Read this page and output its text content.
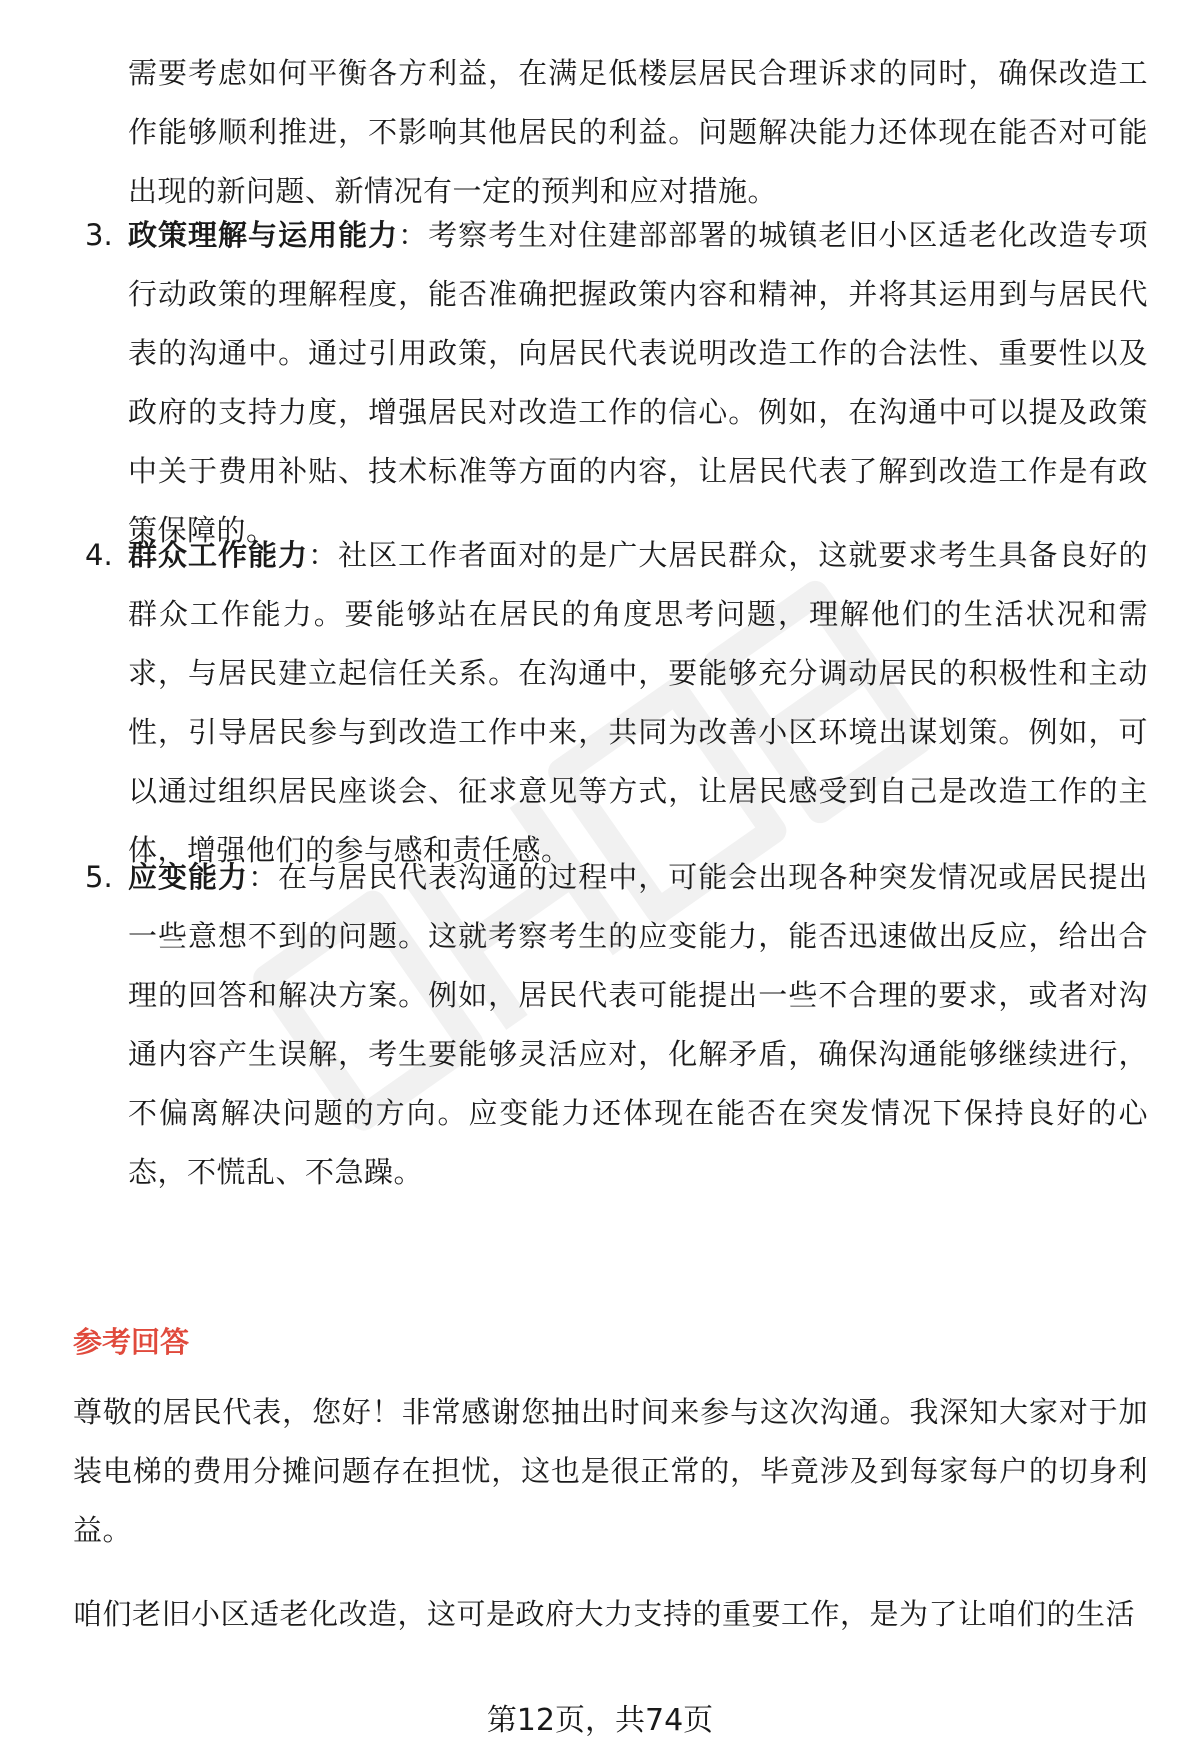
需要考虑如何平衡各方利益，在满足低楼层居民合理诉求的同时，确保改造工作能够顺利推进，不影响其他居民的利益。问题解决能力还体现在能否对可能出现的新问题、新情况有一定的预判和应对措施。
3. 政策理解与运用能力：考察考生对住建部部署的城镇老旧小区适老化改造专项行动政策的理解程度，能否准确把握政策内容和精神，并将其运用到与居民代表的沟通中。通过引用政策，向居民代表说明改造工作的合法性、重要性以及政府的支持力度，增强居民对改造工作的信心。例如，在沟通中可以提及政策中关于费用补贴、技术标准等方面的内容，让居民代表了解到改造工作是有政策保障的。
4. 群众工作能力：社区工作者面对的是广大居民群众，这就要求考生具备良好的群众工作能力。要能够站在居民的角度思考问题，理解他们的生活状况和需求，与居民建立起信任关系。在沟通中，要能够充分调动居民的积极性和主动性，引导居民参与到改造工作中来，共同为改善小区环境出谋划策。例如，可以通过组织居民座谈会、征求意见等方式，让居民感受到自己是改造工作的主体，增强他们的参与感和责任感。
5. 应变能力：在与居民代表沟通的过程中，可能会出现各种突发情况或居民提出一些意想不到的问题。这就考察考生的应变能力，能否迅速做出反应，给出合理的回答和解决方案。例如，居民代表可能提出一些不合理的要求，或者对沟通内容产生误解，考生要能够灵活应对，化解矛盾，确保沟通能够继续进行，不偏离解决问题的方向。应变能力还体现在能否在突发情况下保持良好的心态，不慌乱、不急躁。
参考回答
尊敬的居民代表，您好！非常感谢您抽出时间来参与这次沟通。我深知大家对于加装电梯的费用分摊问题存在担忧，这也是很正常的，毕竟涉及到每家每户的切身利益。
咱们老旧小区适老化改造，这可是政府大力支持的重要工作，是为了让咱们的生活
第12页，共74页
